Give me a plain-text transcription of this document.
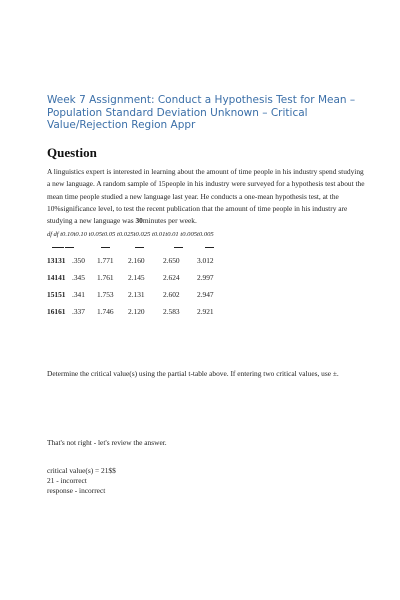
Week 7 Assignment: Conduct a Hypothesis Test for Mean – Population Standard Deviation Unknown – Critical Value/Rejection Region Appr
Question

A linguistics expert is interested in learning about the amount of time people in his industry spend studying a new language. A random sample of 15people in his industry were surveyed for a hypothesis test about the mean time people studied a new language last year. He conducts a one-mean hypothesis test, at the 10%significance level, to test the recent publication that the amount of time people in his industry are studying a new language was 30minutes per week.

df df t0.10t0.10 t0.05t0.05 t0.025t0.025 t0.01t0.01 t0.005t0.005
13131 .350 1.771 2.160 2.650 3.012
14141 .345 1.761 2.145 2.624 2.997
15151 .341 1.753 2.131 2.602 2.947
16161 .337 1.746 2.120 2.583 2.921

Determine the critical value(s) using the partial t-table above. If entering two critical values, use ±.

That's not right - let's review the answer.

critical value(s) = 21$$
21 - incorrect
response - incorrect
